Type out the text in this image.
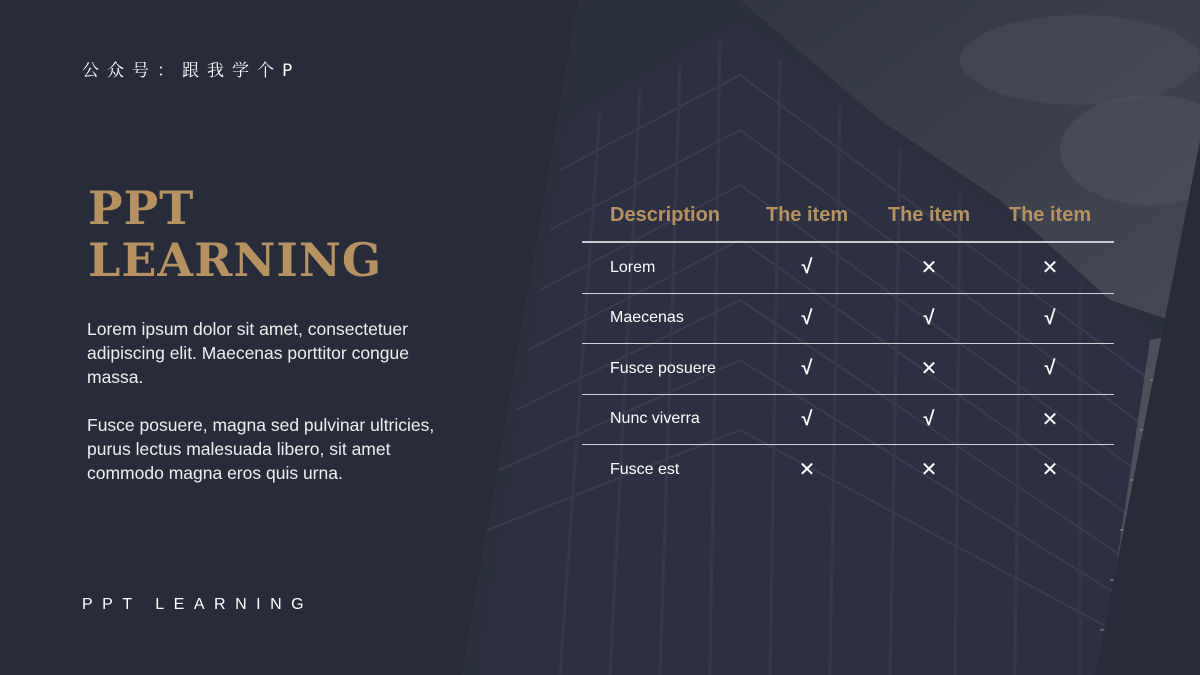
公众号：跟我学个P
PPT
LEARNING
Lorem ipsum dolor sit amet, consectetuer adipiscing elit. Maecenas porttitor congue massa.
Fusce posuere, magna sed pulvinar ultricies, purus lectus malesuada libero, sit amet commodo magna eros quis urna.
PPT LEARNING
Description	The item	The item	The item
Lorem	√	✕	✕
Maecenas	√	√	√
Fusce posuere	√	✕	√
Nunc viverra	√	√	✕
Fusce est	✕	✕	✕
